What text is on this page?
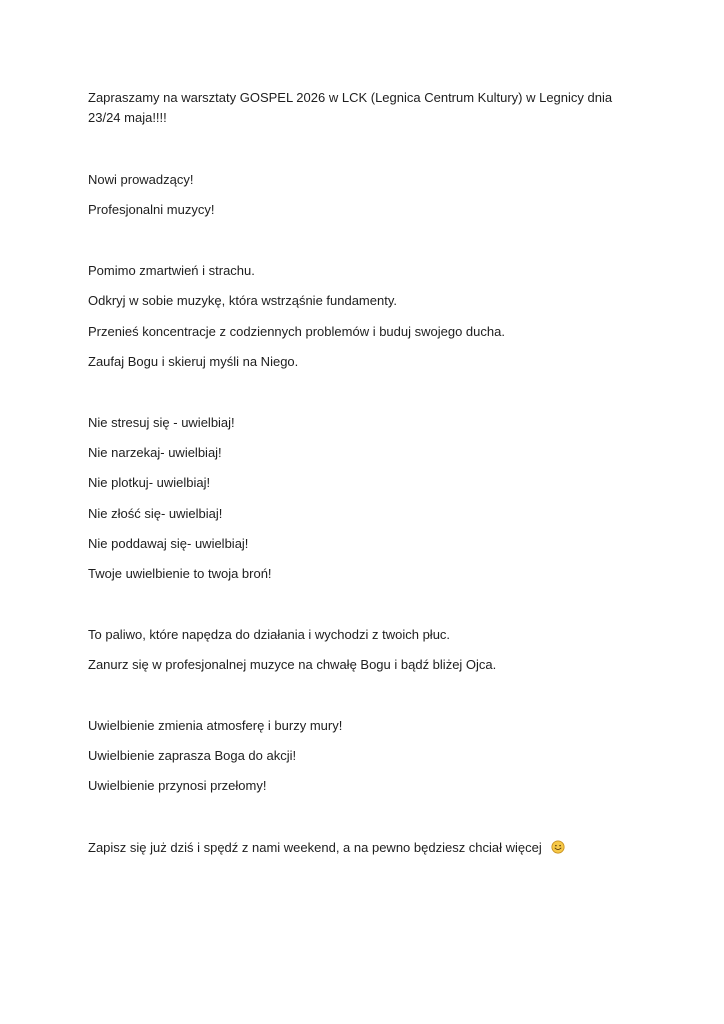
Zapraszamy na warsztaty GOSPEL 2026 w LCK (Legnica Centrum Kultury) w Legnicy dnia
23/24 maja!!!!
Nowi prowadzący!
Profesjonalni muzycy!
Pomimo zmartwień i strachu.
Odkryj w sobie muzykę, która wstrząśnie fundamenty.
Przenieś koncentracje z codziennych problemów i buduj swojego ducha.
Zaufaj Bogu i skieruj myśli na Niego.
Nie stresuj się - uwielbiaj!
Nie narzekaj- uwielbiaj!
Nie plotkuj- uwielbiaj!
Nie złość się- uwielbiaj!
Nie poddawaj się- uwielbiaj!
Twoje uwielbienie to twoja broń!
To paliwo, które napędza do działania i wychodzi z twoich płuc.
Zanurz się w profesjonalnej muzyce na chwałę Bogu i bądź bliżej Ojca.
Uwielbienie zmienia atmosferę i burzy mury!
Uwielbienie zaprasza Boga do akcji!
Uwielbienie przynosi przełomy!
Zapisz się już dziś i spędź z nami weekend, a na pewno będziesz chciał więcej
